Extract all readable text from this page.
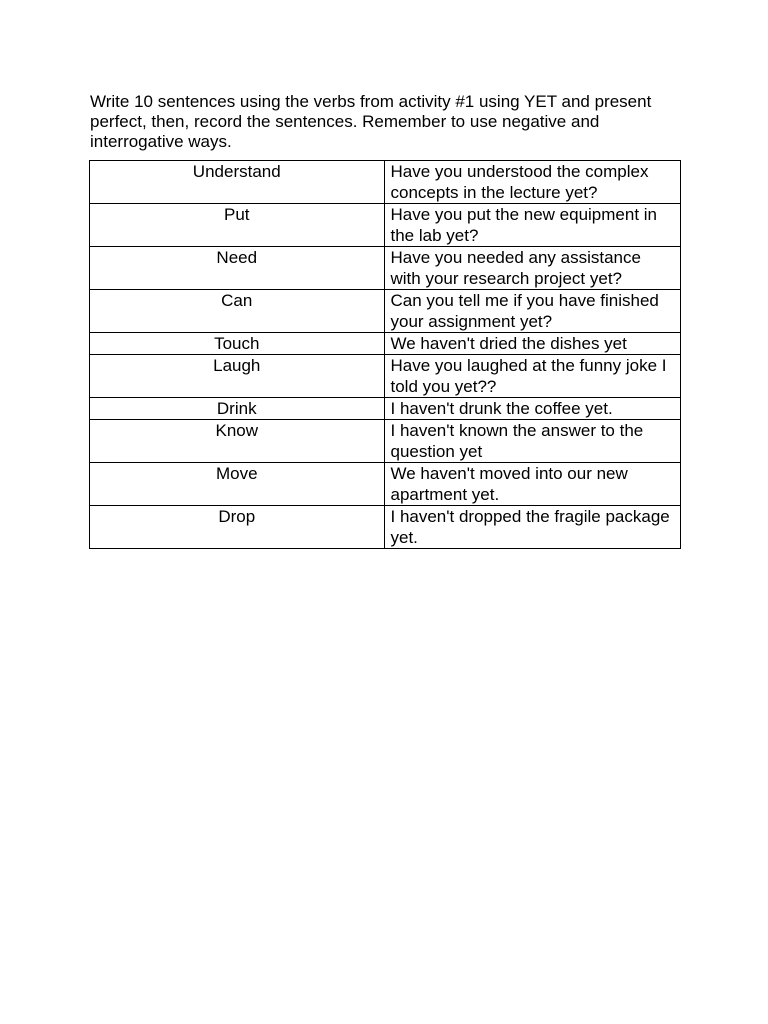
Write 10 sentences using the verbs from activity #1 using YET and present perfect, then, record the sentences. Remember to use negative and interrogative ways.

Understand	Have you understood the complex concepts in the lecture yet?
Put	Have you put the new equipment in the lab yet?
Need	Have you needed any assistance with your research project yet?
Can	Can you tell me if you have finished your assignment yet?
Touch	We haven't dried the dishes yet
Laugh	Have you laughed at the funny joke I told you yet??
Drink	I haven't drunk the coffee yet.
Know	I haven't known the answer to the question yet
Move	We haven't moved into our new apartment yet.
Drop	I haven't dropped the fragile package yet.
